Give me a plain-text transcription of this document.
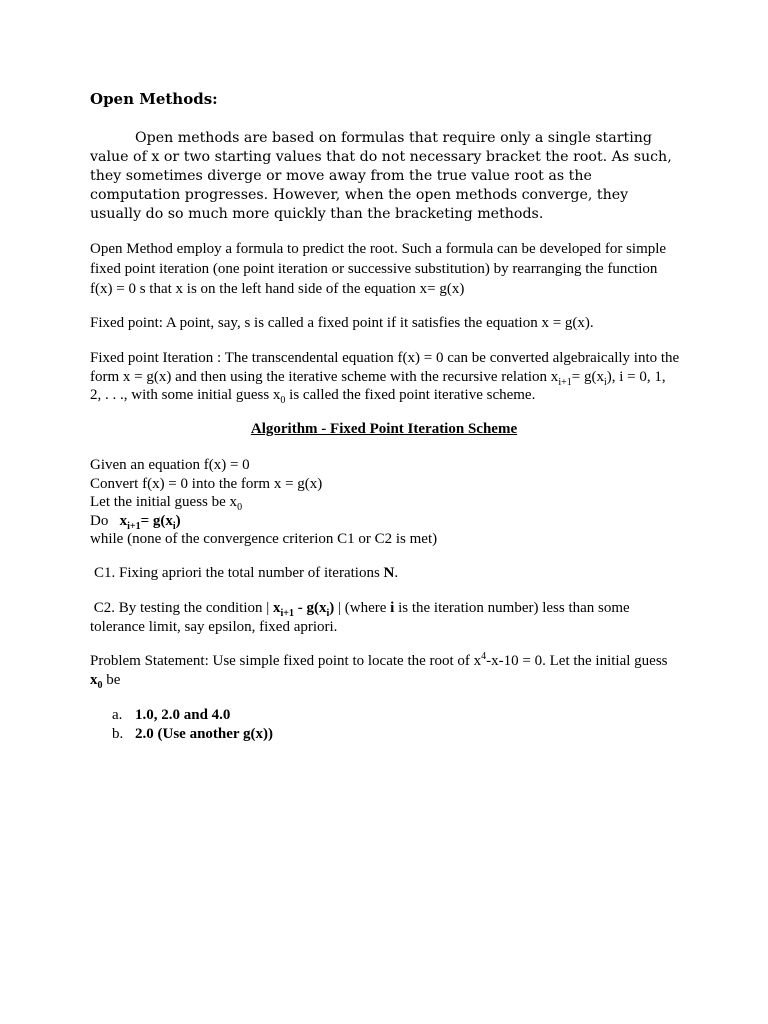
Open Methods:
Open methods are based on formulas that require only a single starting value of x or two starting values that do not necessary bracket the root. As such, they sometimes diverge or move away from the true value root as the computation progresses. However, when the open methods converge, they usually do so much more quickly than the bracketing methods.
Open Method employ a formula to predict the root. Such a formula can be developed for simple fixed point iteration (one point iteration or successive substitution) by rearranging the function f(x) = 0 s that x is on the left hand side of the equation x= g(x)
Fixed point: A point, say, s is called a fixed point if it satisfies the equation x = g(x).
Fixed point Iteration : The transcendental equation f(x) = 0 can be converted algebraically into the form x = g(x) and then using the iterative scheme with the recursive relation $x_{i+1}= g(x_i)$, i = 0, 1, 2, . . ., with some initial guess $x_0$ is called the fixed point iterative scheme.
Algorithm - Fixed Point Iteration Scheme
Given an equation f(x) = 0
Convert f(x) = 0 into the form x = g(x)
Let the initial guess be $x_0$
Do $x_{i+1}= g(x_i)$
while (none of the convergence criterion C1 or C2 is met)
C1. Fixing apriori the total number of iterations N.
C2. By testing the condition | $x_{i+1} - g(x_i)$ | (where i is the iteration number) less than some tolerance limit, say epsilon, fixed apriori.
Problem Statement: Use simple fixed point to locate the root of $x^4-x-10 = 0$. Let the initial guess $x_0$ be
a. 1.0, 2.0 and 4.0
b. 2.0 (Use another g(x))
